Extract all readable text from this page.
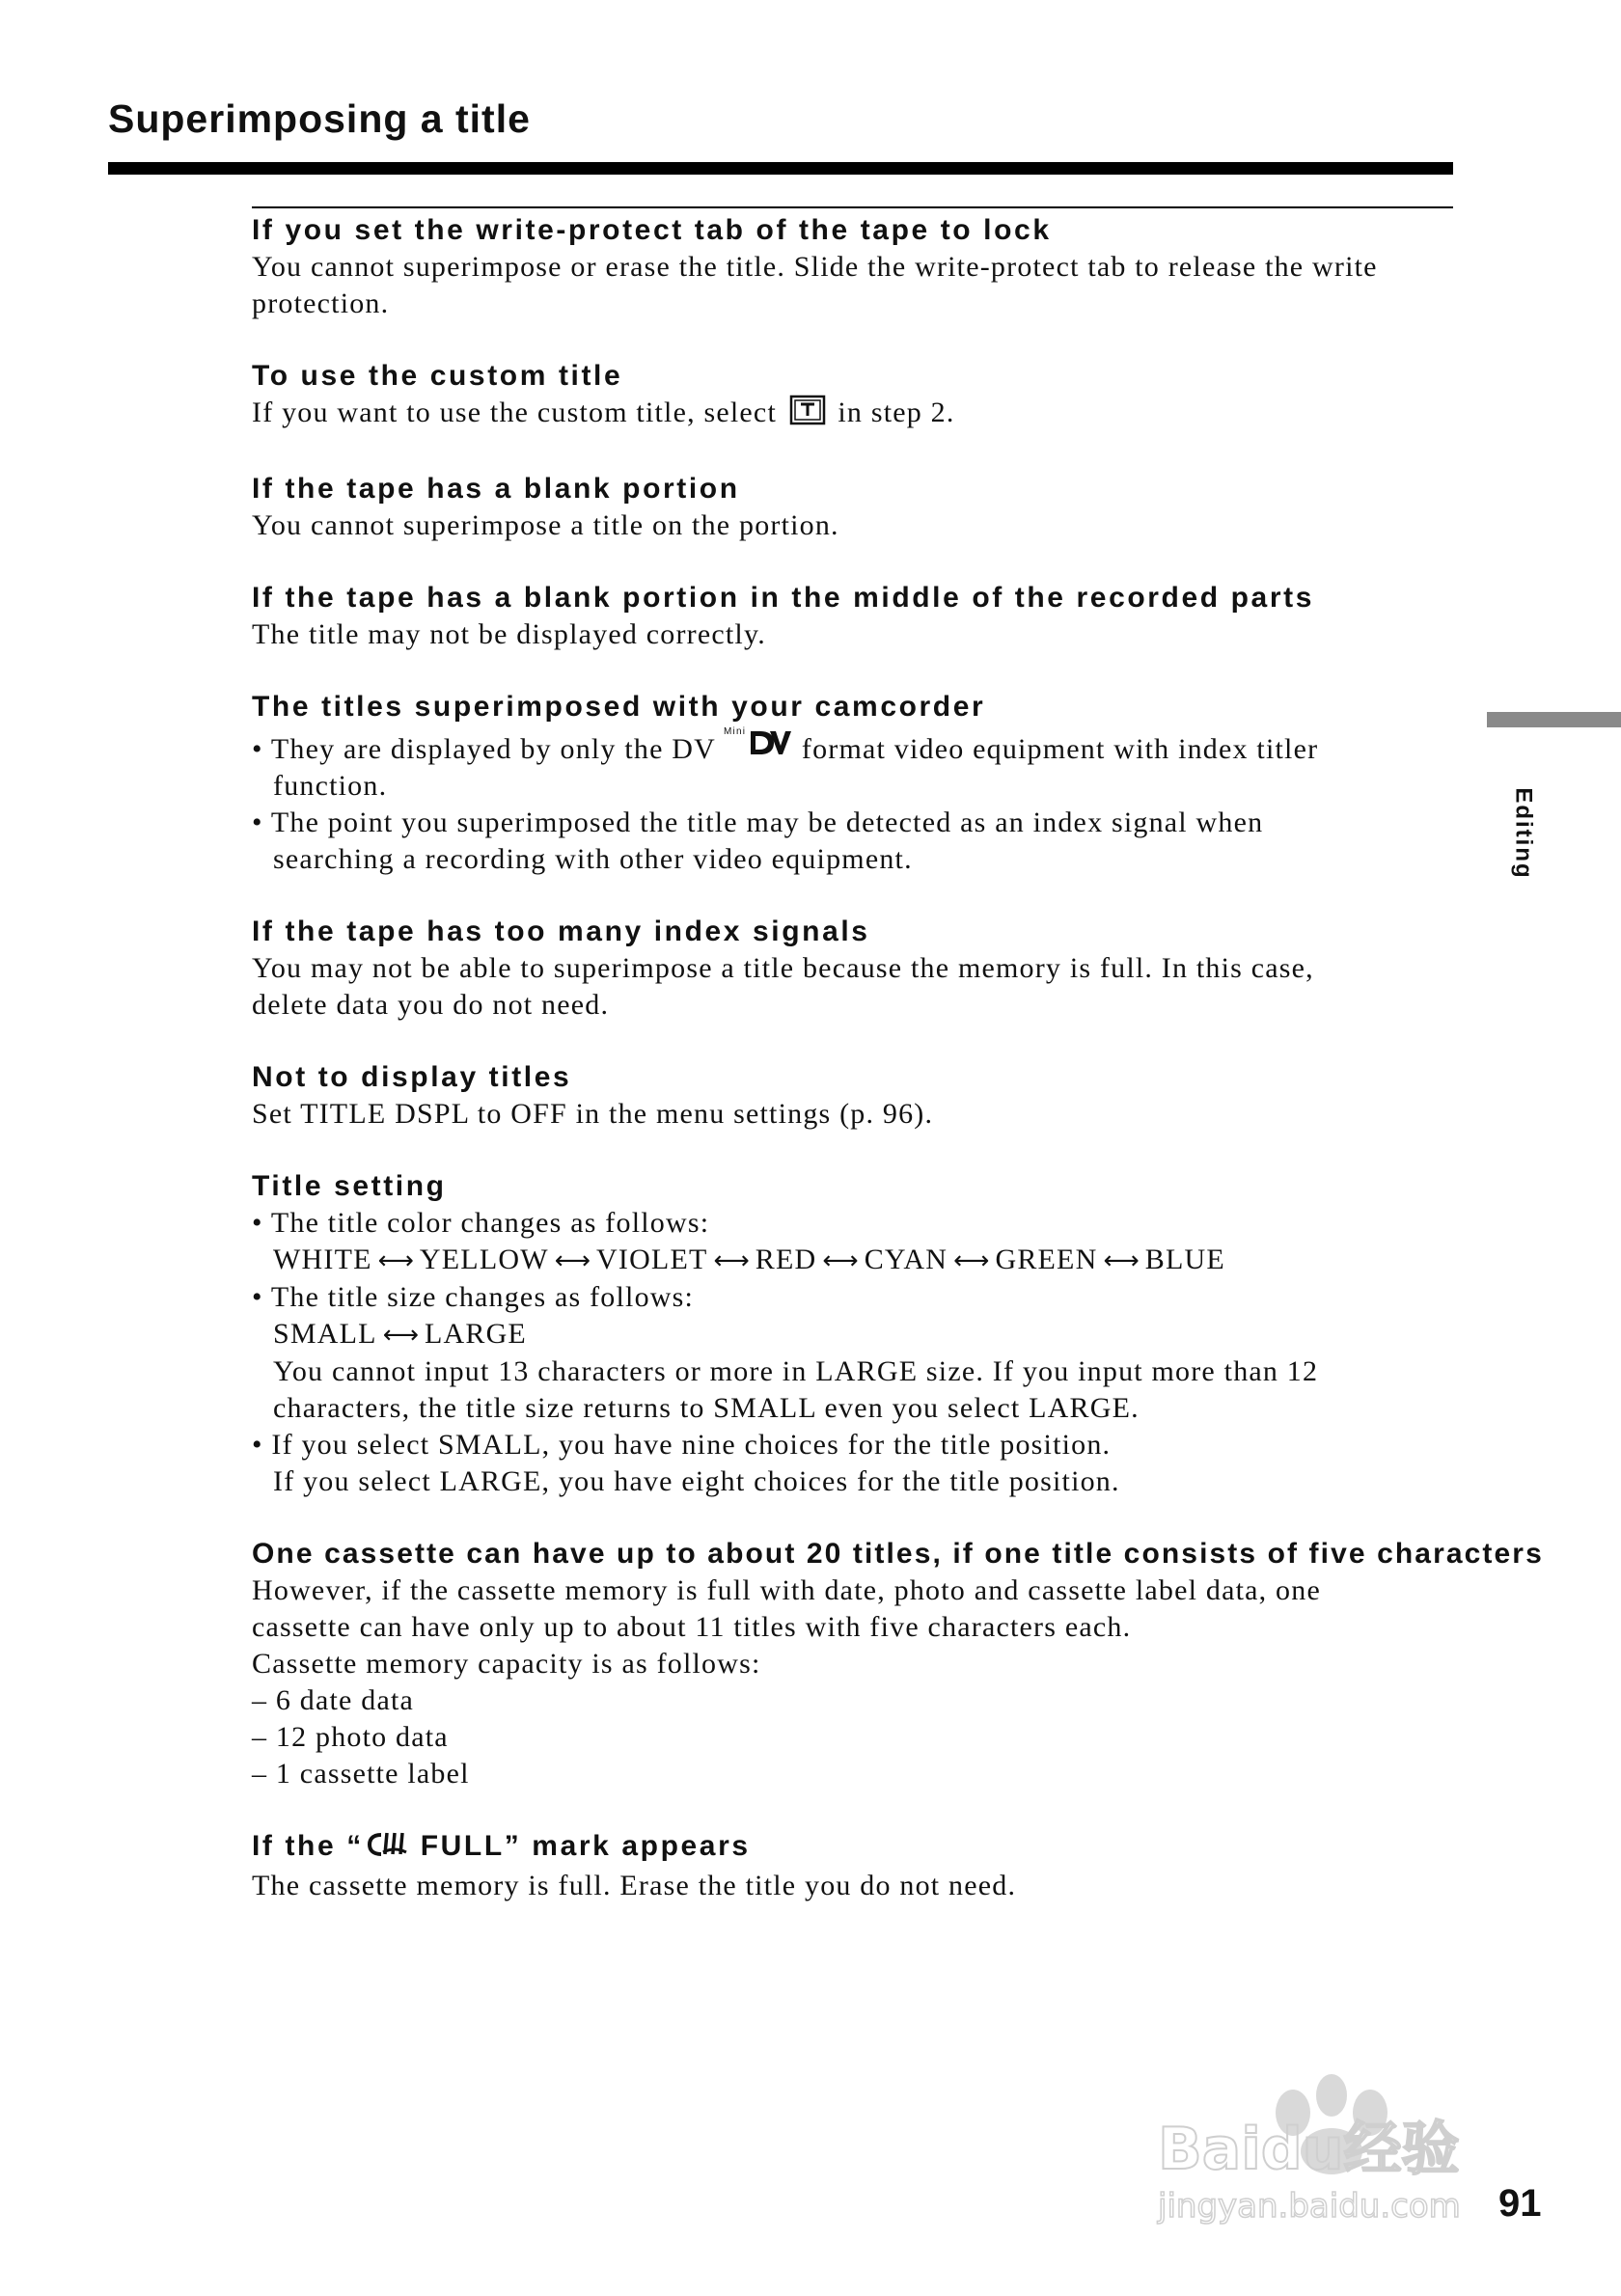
Superimposing a title
If you set the write-protect tab of the tape to lock
You cannot superimpose or erase the title. Slide the write-protect tab to release the write
protection.
To use the custom title
If you want to use the custom title, select in step 2.
If the tape has a blank portion
You cannot superimpose a title on the portion.
If the tape has a blank portion in the middle of the recorded parts
The title may not be displayed correctly.
The titles superimposed with your camcorder
• They are displayed by only the DV
Mini
format video equipment with index titler
function.
• The point you superimposed the title may be detected as an index signal when
searching a recording with other video equipment.
If the tape has too many index signals
You may not be able to superimpose a title because the memory is full. In this case,
delete data you do not need.
Not to display titles
Set TITLE DSPL to OFF in the menu settings (p. 96).
Title setting
• The title color changes as follows:
WHITE ⟷ YELLOW ⟷ VIOLET ⟷ RED ⟷ CYAN ⟷ GREEN ⟷ BLUE
• The title size changes as follows:
SMALL ⟷ LARGE
You cannot input 13 characters or more in LARGE size. If you input more than 12
characters, the title size returns to SMALL even you select LARGE.
• If you select SMALL, you have nine choices for the title position.
If you select LARGE, you have eight choices for the title position.
One cassette can have up to about 20 titles, if one title consists of five characters
However, if the cassette memory is full with date, photo and cassette label data, one
cassette can have only up to about 11 titles with five characters each.
Cassette memory capacity is as follows:
– 6 date data
– 12 photo data
– 1 cassette label
If the “ FULL” mark appears
The cassette memory is full. Erase the title you do not need.
Editing
Baidu经验
jingyan.baidu.com 91
